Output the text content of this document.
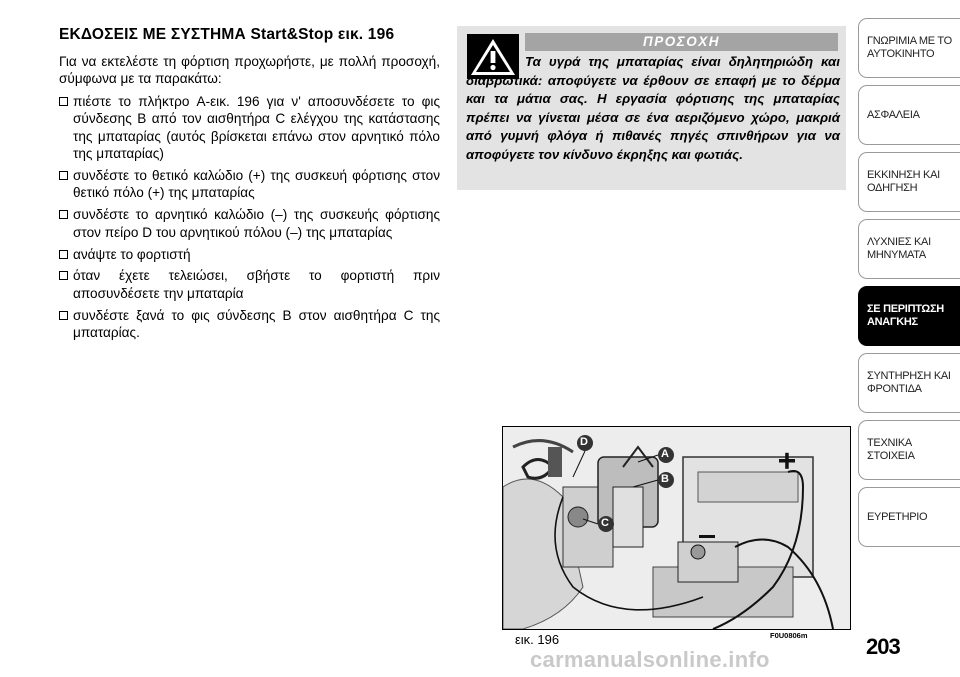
ΕΚΔΟΣΕΙΣ ΜΕ ΣΥΣΤΗΜΑ Start&Stop εικ. 196

Για να εκτελέστε τη φόρτιση προχωρήστε, με πολλή προσοχή, σύμφωνα με τα παρακάτω:

πιέστε το πλήκτρο A-εικ. 196 για ν' αποσυνδέσετε το φις σύνδεσης B από τον αισθητήρα C ελέγχου της κατάστασης της μπαταρίας (αυτός βρίσκεται επάνω στον αρνητικό πόλο της μπαταρίας)
συνδέστε το θετικό καλώδιο (+) της συσκευή φόρτισης στον θετικό πόλο (+) της μπαταρίας
συνδέστε το αρνητικό καλώδιο (–) της συσκευής φόρτισης στον πείρο D του αρνητικού πόλου (–) της μπαταρίας
ανάψτε το φορτιστή
όταν έχετε τελειώσει, σβήστε το φορτιστή πριν αποσυνδέσετε την μπαταρία
συνδέστε ξανά το φις σύνδεσης B στον αισθητήρα C της μπαταρίας.
ΠΡΟΣΟΧΗ
Τα υγρά της μπαταρίας είναι δηλητηριώδη και διαβρωτικά: αποφύγετε να έρθουν σε επαφή με το δέρμα και τα μάτια σας. Η εργασία φόρτισης της μπαταρίας πρέπει να γίνεται μέσα σε ένα αεριζόμενο χώρο, μακριά από γυμνή φλόγα ή πιθανές πηγές σπινθήρων για να αποφύγετε τον κίνδυνο έκρηξης και φωτιάς.
D
A
B
C
εικ. 196	F0U0806m	203
ΓΝΩΡΙΜΙΑ ΜΕ ΤΟ
ΑΥΤΟΚΙΝΗΤΟ
ΑΣΦΑΛΕΙΑ
ΕΚΚΙΝΗΣΗ ΚΑΙ
ΟΔΗΓΗΣΗ
ΛΥΧΝΙΕΣ ΚΑΙ
ΜΗΝΥΜΑΤΑ
ΣΕ ΠΕΡΙΠΤΩΣΗ
ΑΝΑΓΚΗΣ
ΣΥΝΤΗΡΗΣΗ ΚΑΙ
ΦΡΟΝΤΙΔΑ
ΤΕΧΝΙΚΑ ΣΤΟΙΧΕΙΑ
ΕΥΡΕΤΗΡΙΟ
carmanualsonline.info
